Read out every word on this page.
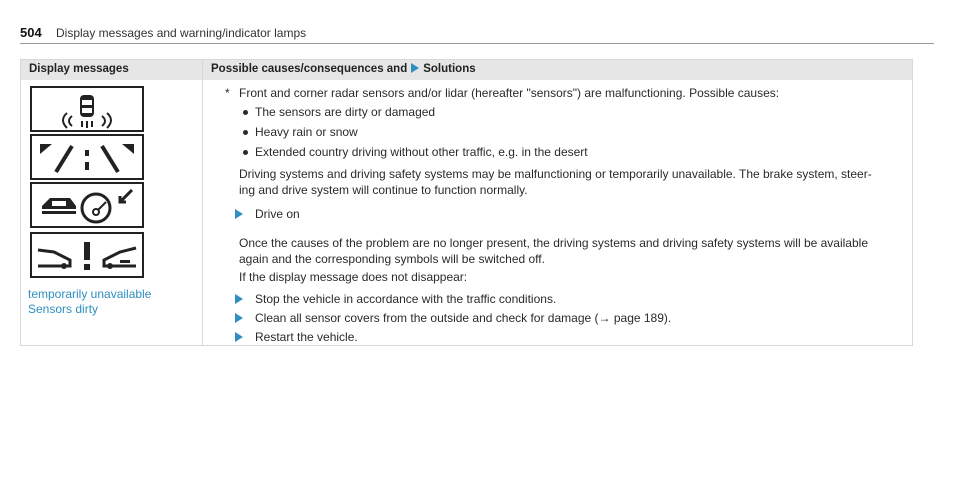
504 Display messages and warning/indicator lamps
Display messages	Possible causes/consequences and Solutions
temporarily unavailable
Sensors dirty
* Front and corner radar sensors and/or lidar (hereafter "sensors") are malfunctioning. Possible causes:
The sensors are dirty or damaged
Heavy rain or snow
Extended country driving without other traffic, e.g. in the desert
Driving systems and driving safety systems may be malfunctioning or temporarily unavailable. The brake system, steer-
ing and drive system will continue to function normally.
Drive on
Once the causes of the problem are no longer present, the driving systems and driving safety systems will be available
again and the corresponding symbols will be switched off.
If the display message does not disappear:
Stop the vehicle in accordance with the traffic conditions.
Clean all sensor covers from the outside and check for damage (→ page 189).
Restart the vehicle.
